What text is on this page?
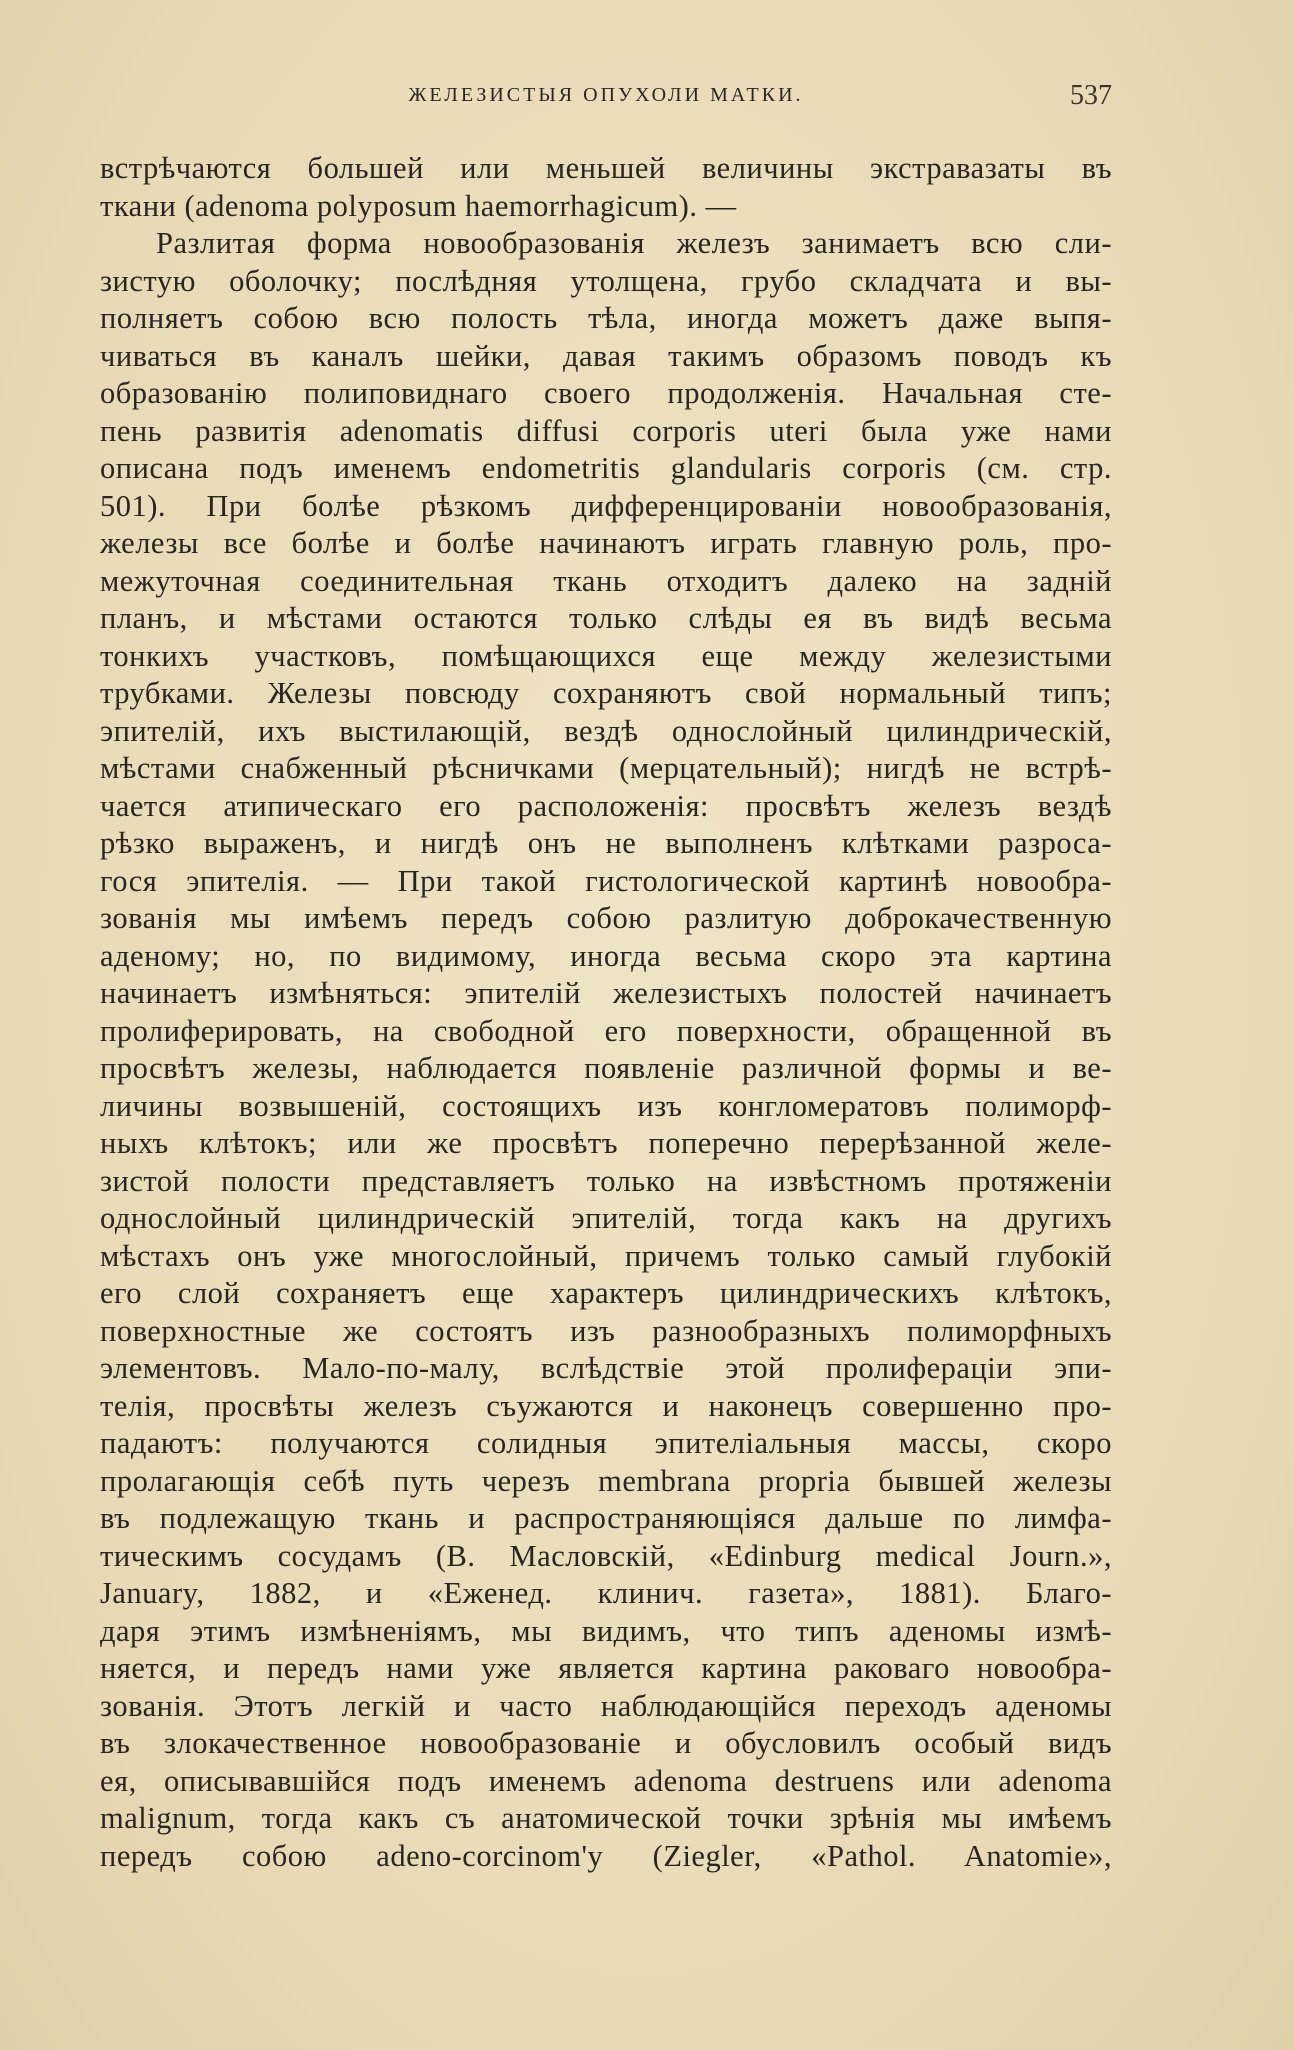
ЖЕЛЕЗИСТЫЯ ОПУХОЛИ МАТКИ.	537
встрѣчаются большей или меньшей величины экстравазаты въ
ткани (adenoma polyposum haemorrhagicum). —
Разлитая форма новообразованія железъ занимаетъ всю сли-
зистую оболочку; послѣдняя утолщена, грубо складчата и вы-
полняетъ собою всю полость тѣла, иногда можетъ даже выпя-
чиваться въ каналъ шейки, давая такимъ образомъ поводъ къ
образованію полиповиднаго своего продолженія. Начальная сте-
пень развитія adenomatis diffusi corporis uteri была уже нами
описана подъ именемъ endometritis glandularis corporis (см. стр.
501). При болѣе рѣзкомъ дифференцированіи новообразованія,
железы все болѣе и болѣе начинаютъ играть главную роль, про-
межуточная соединительная ткань отходитъ далеко на заднiй
планъ, и мѣстами остаются только слѣды ея въ видѣ весьма
тонкихъ участковъ, помѣщающихся еще между железистыми
трубками. Железы повсюду сохраняютъ свой нормальный типъ;
эпителій, ихъ выстилающій, вездѣ однослойный цилиндрическій,
мѣстами снабженный рѣсничками (мерцательный); нигдѣ не встрѣ-
чается атипическаго его расположенія: просвѣтъ железъ вездѣ
рѣзко выраженъ, и нигдѣ онъ не выполненъ клѣтками разроса-
гося эпителія. — При такой гистологической картинѣ новообра-
зованія мы имѣемъ передъ собою разлитую доброкачественную
аденому; но, по видимому, иногда весьма скоро эта картина
начинаетъ измѣняться: эпителій железистыхъ полостей начинаетъ
пролиферировать, на свободной его поверхности, обращенной въ
просвѣтъ железы, наблюдается появленіе различной формы и ве-
личины возвышеній, состоящихъ изъ конгломератовъ полиморф-
ныхъ клѣтокъ; или же просвѣтъ поперечно перерѣзанной желе-
зистой полости представляетъ только на извѣстномъ протяженіи
однослойный цилиндрическій эпителій, тогда какъ на другихъ
мѣстахъ онъ уже многослойный, причемъ только самый глубокій
его слой сохраняетъ еще характеръ цилиндрическихъ клѣтокъ,
поверхностные же состоятъ изъ разнообразныхъ полиморфныхъ
элементовъ. Мало-по-малу, вслѣдствіе этой пролифераціи эпи-
телія, просвѣты железъ съужаются и наконецъ совершенно про-
падаютъ: получаются солидныя эпителіальныя массы, скоро
пролагающія себѣ путь черезъ membrana propria бывшей железы
въ подлежащую ткань и распространяющіяся дальше по лимфа-
тическимъ сосудамъ (В. Масловскій, «Edinburg medical Journ.»,
January, 1882, и «Еженед. клинич. газета», 1881). Благо-
даря этимъ измѣненіямъ, мы видимъ, что типъ аденомы измѣ-
няется, и передъ нами уже является картина раковаго новообра-
зованія. Этотъ легкій и часто наблюдающійся переходъ аденомы
въ злокачественное новообразованіе и обусловилъ особый видъ
ея, описывавшійся подъ именемъ adenoma destruens или adenoma
malignum, тогда какъ съ анатомической точки зрѣнія мы имѣемъ
передъ собою adeno-corcinom'у (Ziegler, «Pathol. Anatomie»,
